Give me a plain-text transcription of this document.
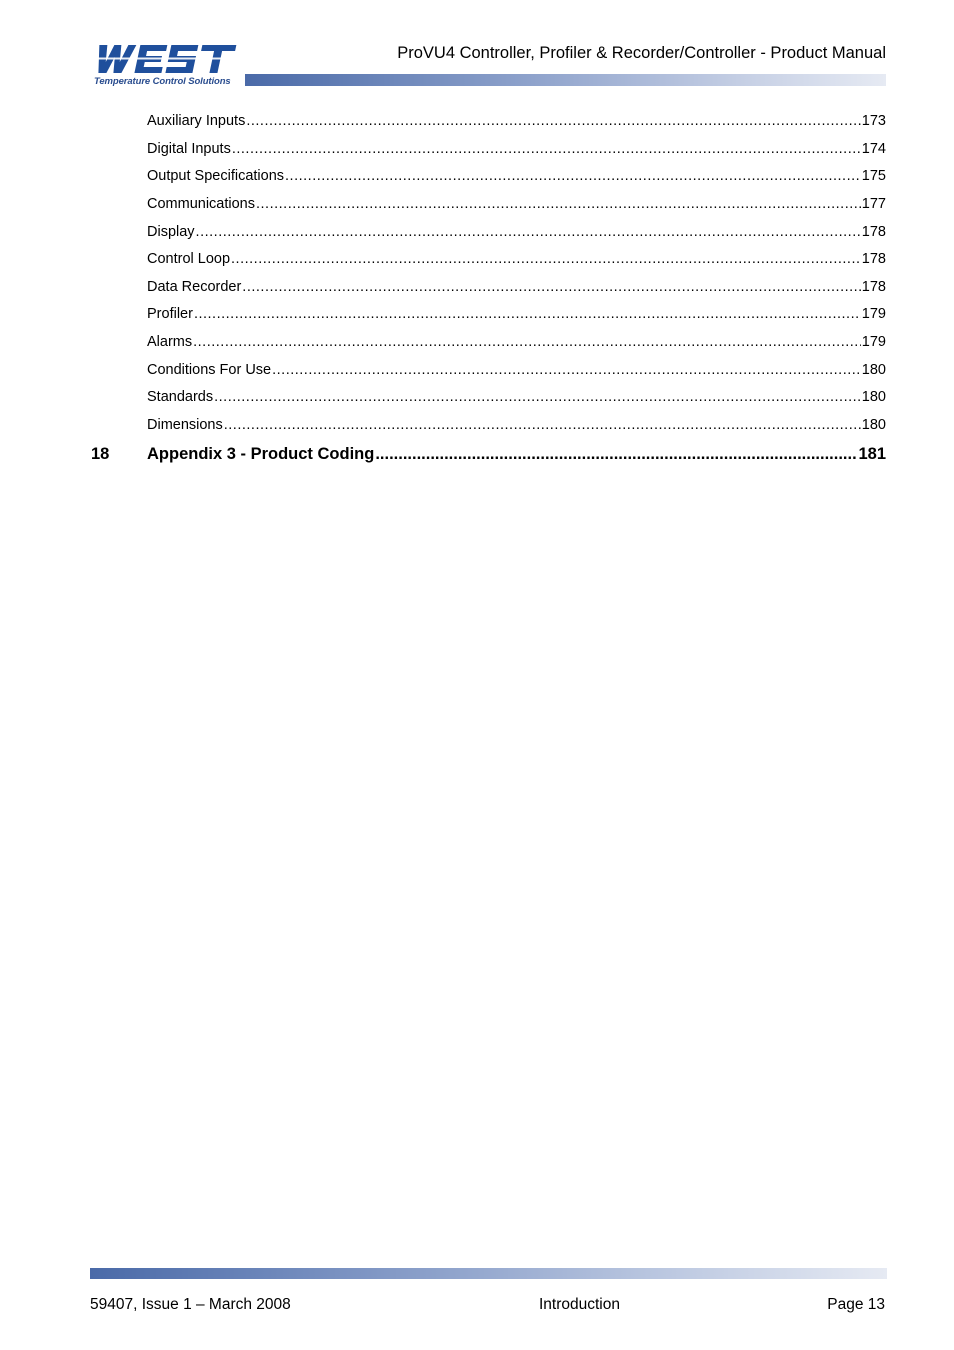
Temperature Control Solutions
ProVU4 Controller, Profiler & Recorder/Controller - Product Manual
Auxiliary Inputs .....	173
Digital Inputs .....	174
Output Specifications .....	175
Communications .....	177
Display .....	178
Control Loop .....	178
Data Recorder .....	178
Profiler .....	179
Alarms .....	179
Conditions For Use .....	180
Standards .....	180
Dimensions .....	180
18	Appendix 3 - Product Coding .....	181
59407, Issue 1 – March 2008	Introduction	Page 13
